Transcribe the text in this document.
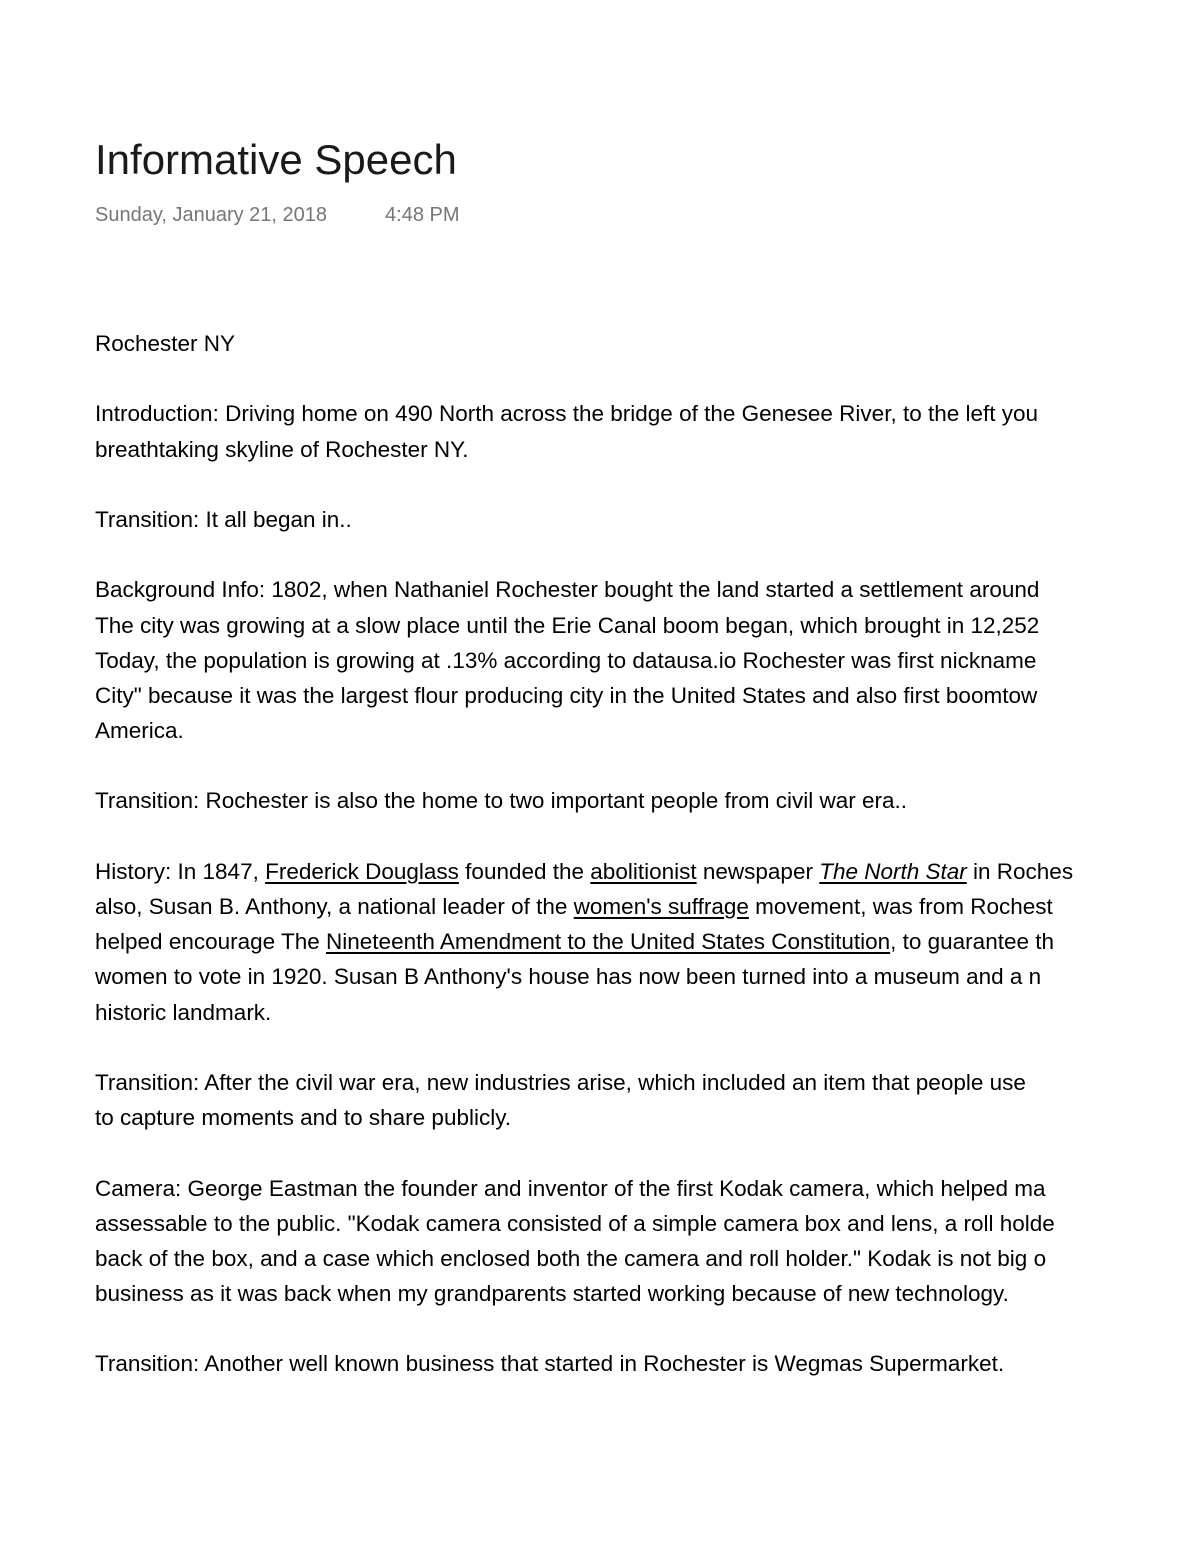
Informative Speech
Sunday, January 21, 2018	4:48 PM
Rochester NY
Introduction: Driving home on 490 North across the bridge of the Genesee River, to the left you
breathtaking skyline of Rochester NY.
Transition: It all began in..
Background Info: 1802, when Nathaniel Rochester bought the land started a settlement around
The city was growing at a slow place until the Erie Canal boom began, which brought in 12,252
Today, the population is growing at .13% according to datausa.io Rochester was first nickname
City" because it was the largest flour producing city in the United States and also first boomtow
America.
Transition: Rochester is also the home to two important people from civil war era..
History: In 1847, Frederick Douglass founded the abolitionist newspaper The North Star in Roches
also, Susan B. Anthony, a national leader of the women's suffrage movement, was from Rochest
helped encourage The Nineteenth Amendment to the United States Constitution, to guarantee th
women to vote in 1920. Susan B Anthony's house has now been turned into a museum and a n
historic landmark.
Transition: After the civil war era, new industries arise, which included an item that people use
to capture moments and to share publicly.
Camera: George Eastman the founder and inventor of the first Kodak camera, which helped ma
assessable to the public. "Kodak camera consisted of a simple camera box and lens, a roll holde
back of the box, and a case which enclosed both the camera and roll holder." Kodak is not big o
business as it was back when my grandparents started working because of new technology.
Transition: Another well known business that started in Rochester is Wegmas Supermarket.
